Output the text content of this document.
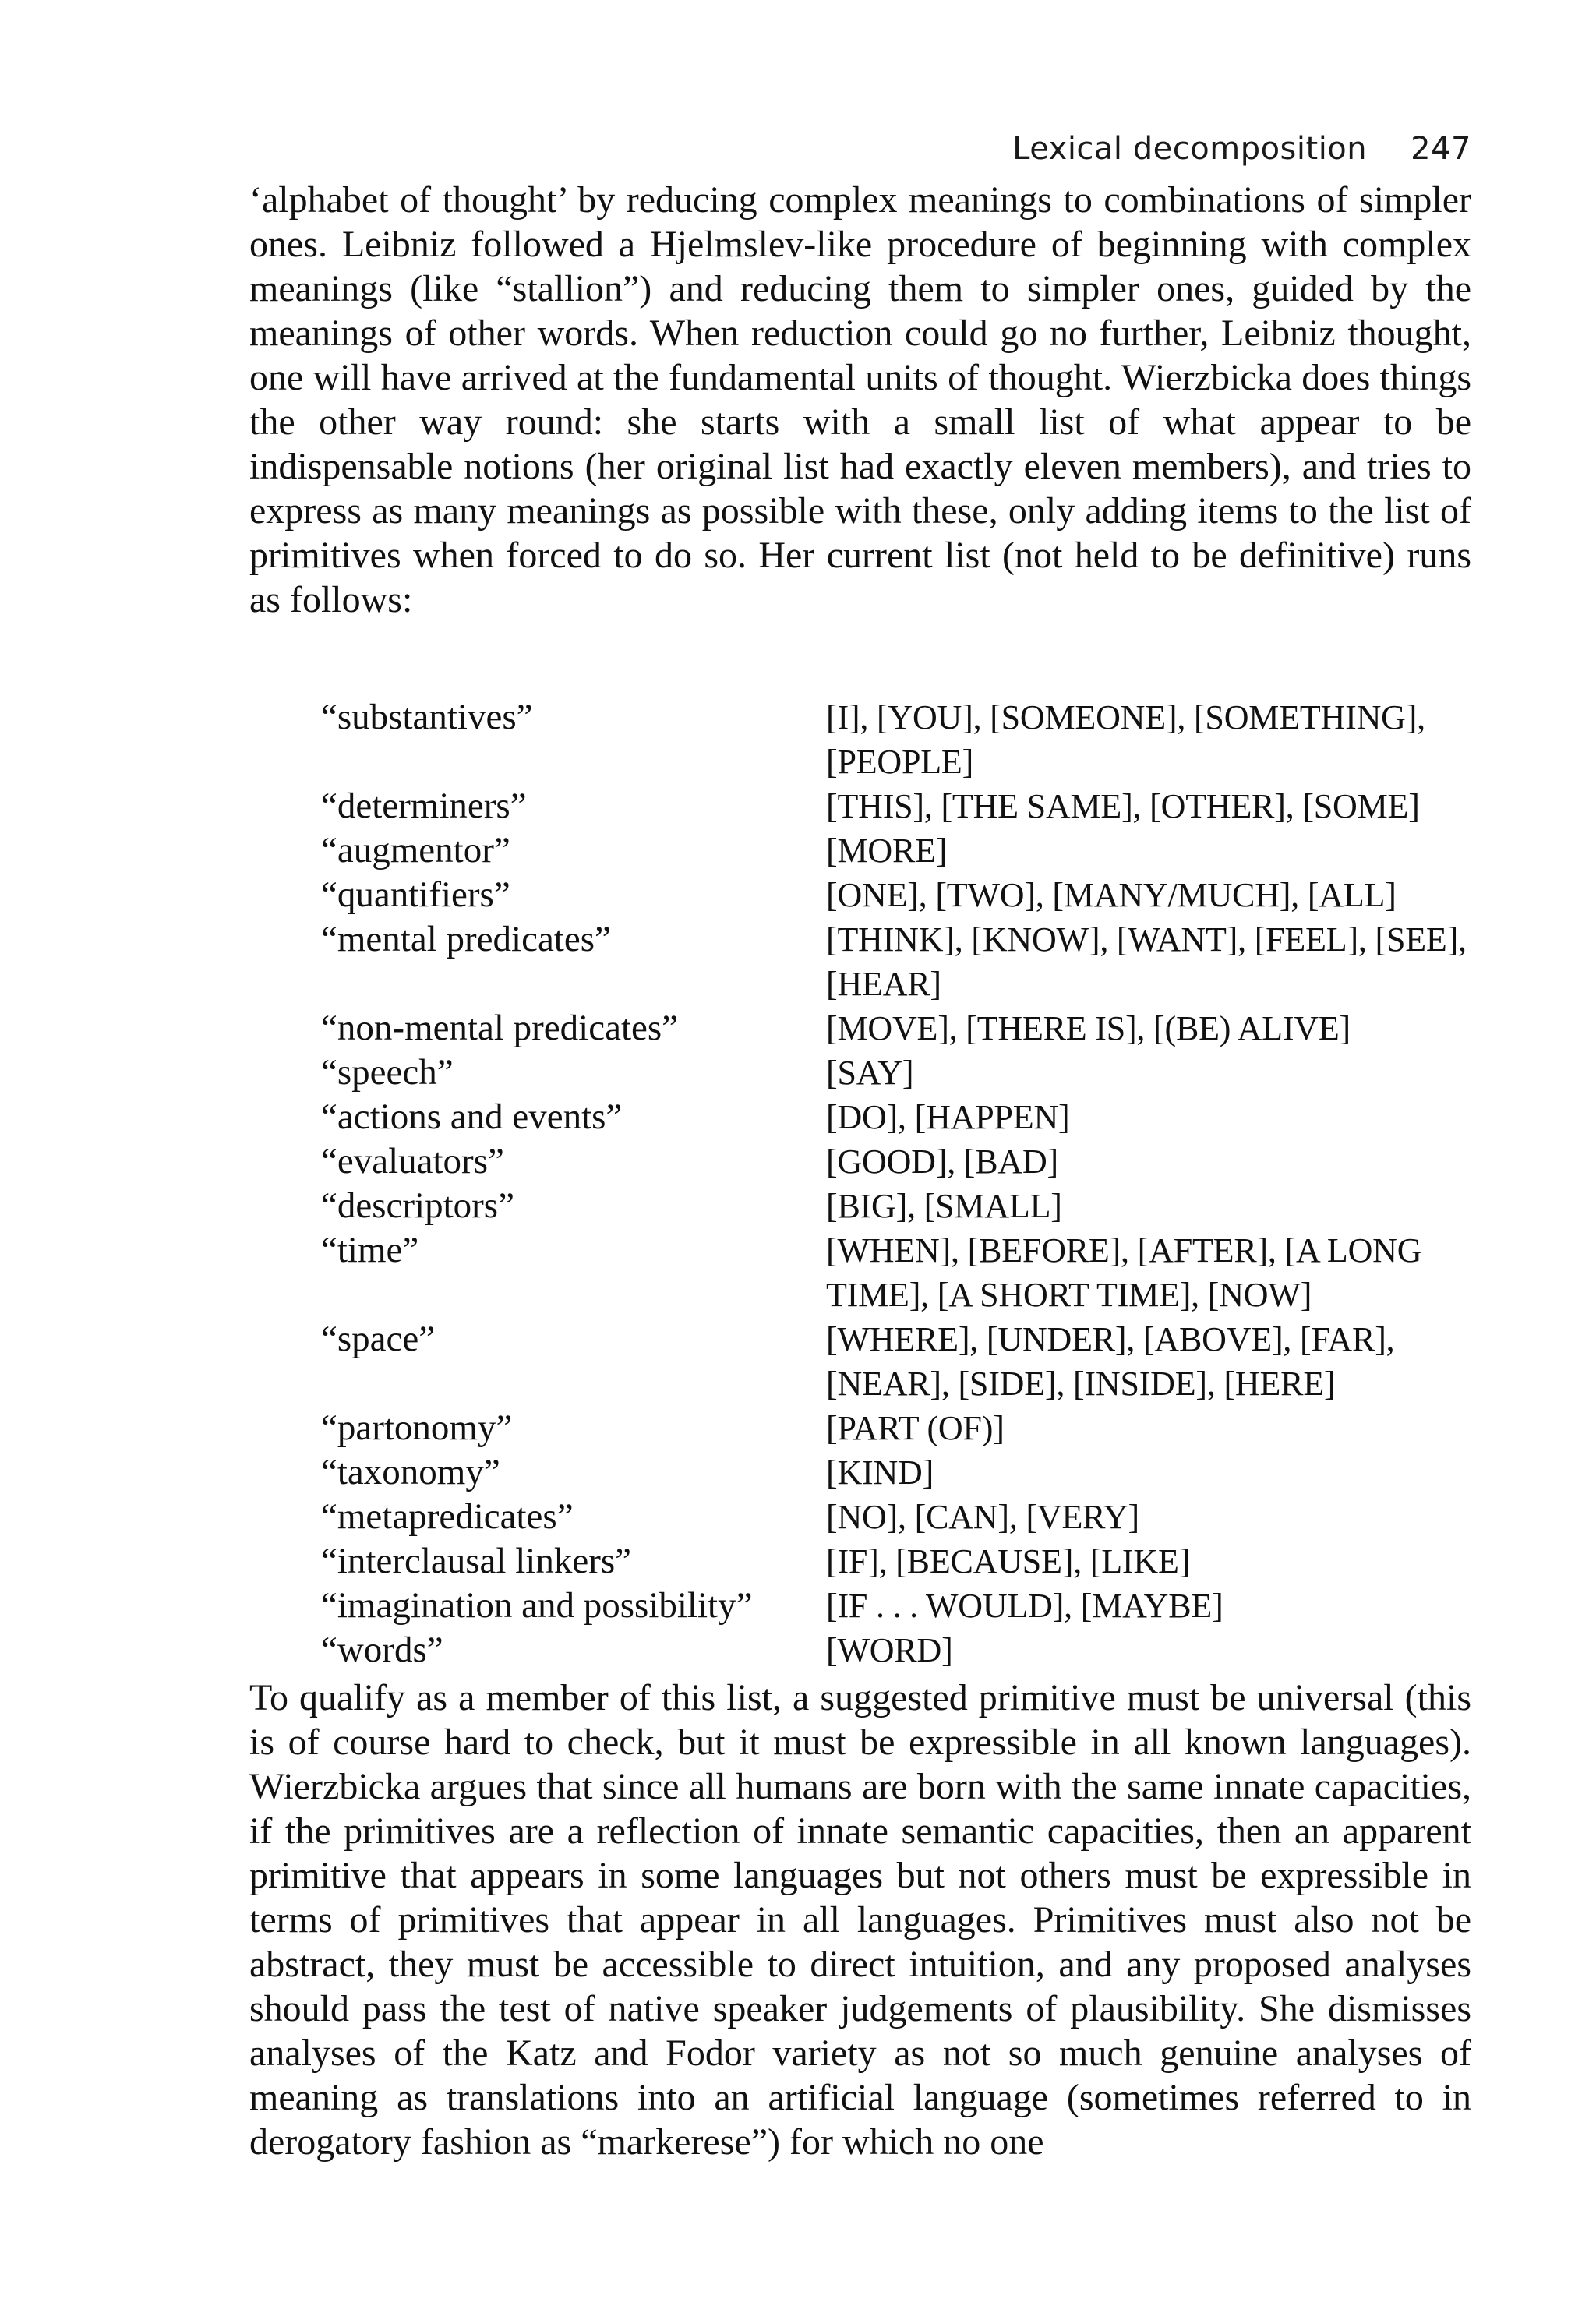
Lexical decomposition 247

‘alphabet of thought’ by reducing complex meanings to combinations of simpler ones. Leibniz followed a Hjelmslev-like procedure of beginning with complex meanings (like “stallion”) and reducing them to simpler ones, guided by the meanings of other words. When reduction could go no further, Leibniz thought, one will have arrived at the fundamental units of thought. Wierzbicka does things the other way round: she starts with a small list of what appear to be indispensable notions (her original list had exactly eleven members), and tries to express as many meanings as possible with these, only adding items to the list of primitives when forced to do so. Her current list (not held to be definitive) runs as follows:

“substantives”	[I], [YOU], [SOMEONE], [SOMETHING], [PEOPLE]
“determiners”	[THIS], [THE SAME], [OTHER], [SOME]
“augmentor”	[MORE]
“quantifiers”	[ONE], [TWO], [MANY/MUCH], [ALL]
“mental predicates”	[THINK], [KNOW], [WANT], [FEEL], [SEE], [HEAR]
“non-mental predicates”	[MOVE], [THERE IS], [(BE) ALIVE]
“speech”	[SAY]
“actions and events”	[DO], [HAPPEN]
“evaluators”	[GOOD], [BAD]
“descriptors”	[BIG], [SMALL]
“time”	[WHEN], [BEFORE], [AFTER], [A LONG TIME], [A SHORT TIME], [NOW]
“space”	[WHERE], [UNDER], [ABOVE], [FAR], [NEAR], [SIDE], [INSIDE], [HERE]
“partonomy”	[PART (OF)]
“taxonomy”	[KIND]
“metapredicates”	[NO], [CAN], [VERY]
“interclausal linkers”	[IF], [BECAUSE], [LIKE]
“imagination and possibility”	[IF . . . WOULD], [MAYBE]
“words”	[WORD]

To qualify as a member of this list, a suggested primitive must be universal (this is of course hard to check, but it must be expressible in all known languages). Wierzbicka argues that since all humans are born with the same innate capacities, if the primitives are a reflection of innate semantic capacities, then an apparent primitive that appears in some languages but not others must be expressible in terms of primitives that appear in all languages. Primitives must also not be abstract, they must be accessible to direct intuition, and any proposed analyses should pass the test of native speaker judgements of plausibility. She dismisses analyses of the Katz and Fodor variety as not so much genuine analyses of meaning as translations into an artificial language (sometimes referred to in derogatory fashion as “markerese”) for which no one
